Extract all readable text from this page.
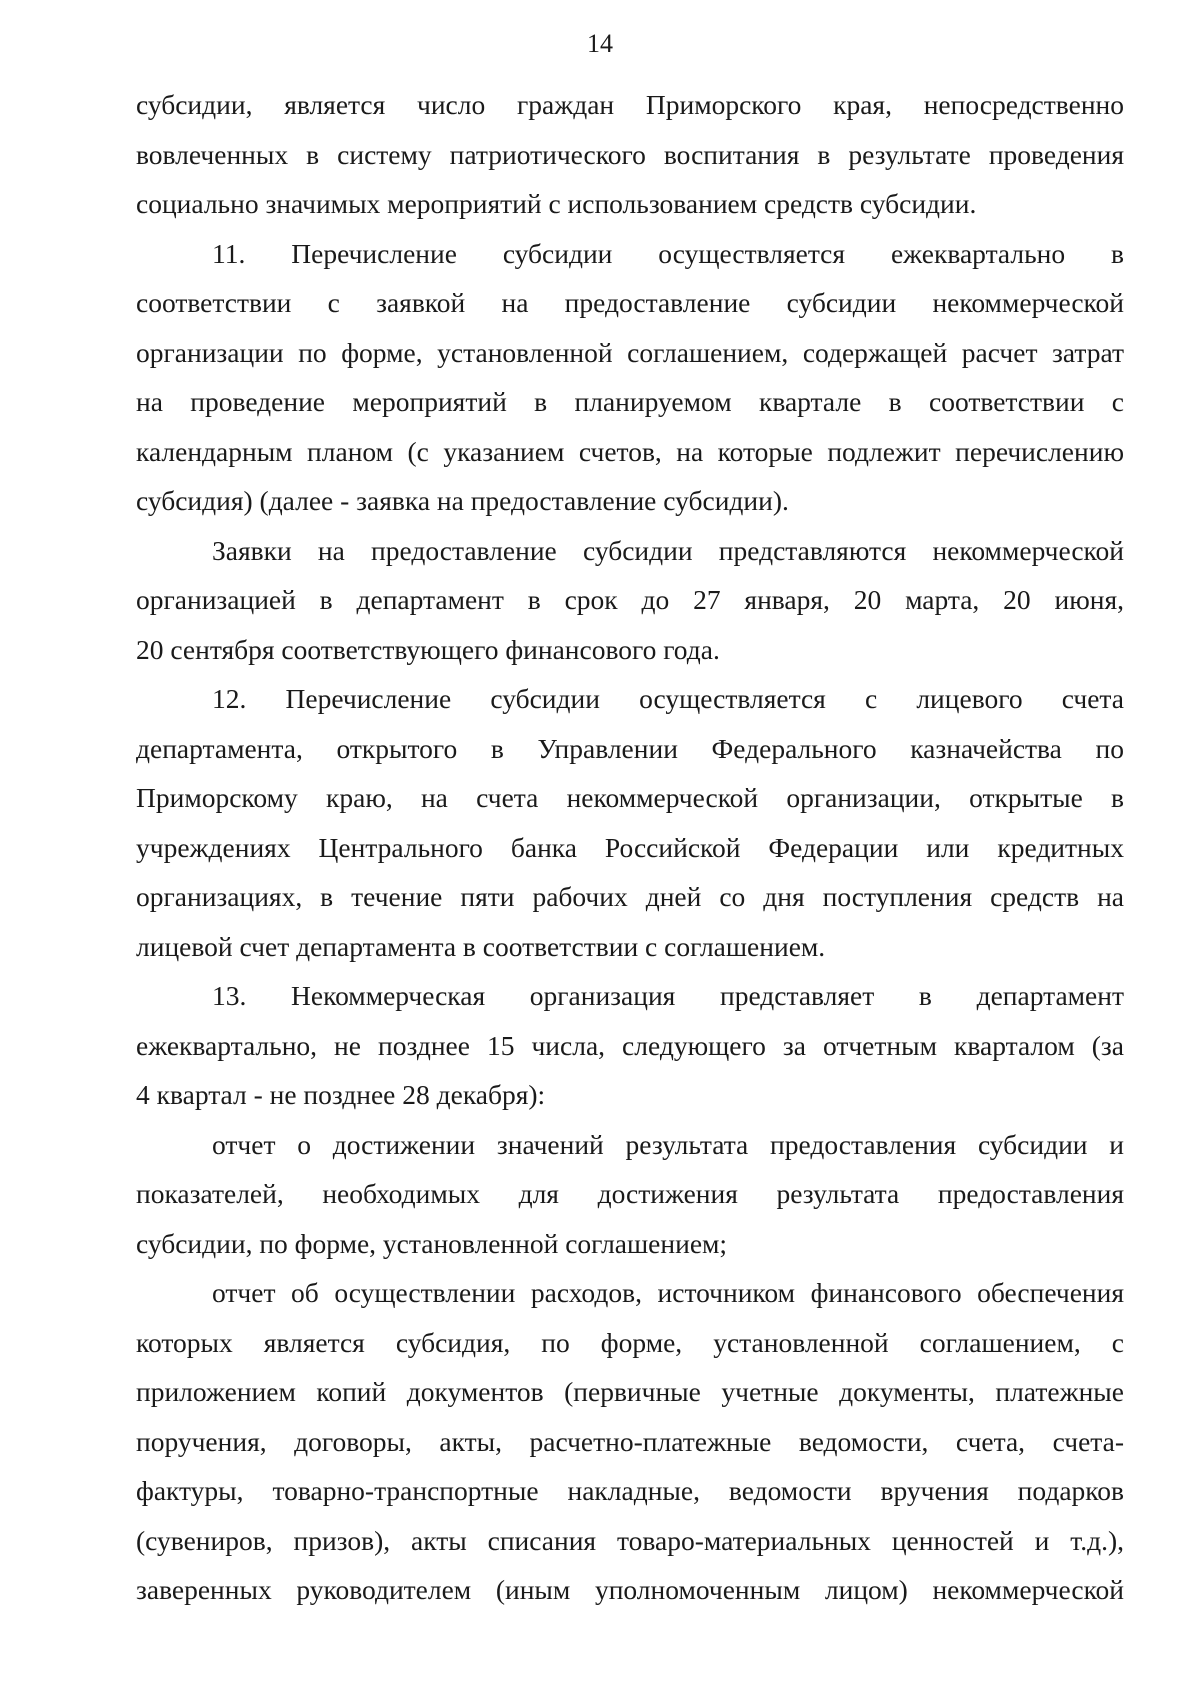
14
субсидии, является число граждан Приморского края, непосредственно
вовлеченных в систему патриотического воспитания в результате проведения
социально значимых мероприятий с использованием средств субсидии.
11. Перечисление субсидии осуществляется ежеквартально в
соответствии с заявкой на предоставление субсидии некоммерческой
организации по форме, установленной соглашением, содержащей расчет затрат
на проведение мероприятий в планируемом квартале в соответствии с
календарным планом (с указанием счетов, на которые подлежит перечислению
субсидия) (далее - заявка на предоставление субсидии).
Заявки на предоставление субсидии представляются некоммерческой
организацией в департамент в срок до 27 января, 20 марта, 20 июня,
20 сентября соответствующего финансового года.
12. Перечисление субсидии осуществляется с лицевого счета
департамента, открытого в Управлении Федерального казначейства по
Приморскому краю, на счета некоммерческой организации, открытые в
учреждениях Центрального банка Российской Федерации или кредитных
организациях, в течение пяти рабочих дней со дня поступления средств на
лицевой счет департамента в соответствии с соглашением.
13. Некоммерческая организация представляет в департамент
ежеквартально, не позднее 15 числа, следующего за отчетным кварталом (за
4 квартал - не позднее 28 декабря):
отчет о достижении значений результата предоставления субсидии и
показателей, необходимых для достижения результата предоставления
субсидии, по форме, установленной соглашением;
отчет об осуществлении расходов, источником финансового обеспечения
которых является субсидия, по форме, установленной соглашением, с
приложением копий документов (первичные учетные документы, платежные
поручения, договоры, акты, расчетно-платежные ведомости, счета, счета-
фактуры, товарно-транспортные накладные, ведомости вручения подарков
(сувениров, призов), акты списания товаро-материальных ценностей и т.д.),
заверенных руководителем (иным уполномоченным лицом) некоммерческой
